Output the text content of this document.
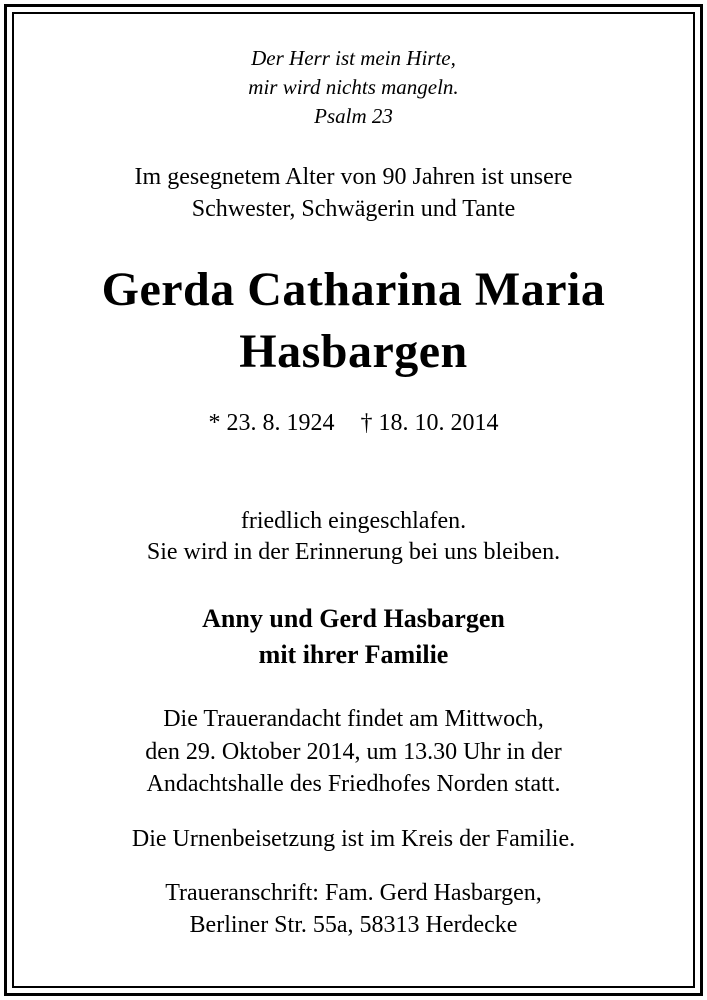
Der Herr ist mein Hirte,
mir wird nichts mangeln.
Psalm 23
Im gesegnetem Alter von 90 Jahren ist unsere
Schwester, Schwägerin und Tante
Gerda Catharina Maria
Hasbargen
* 23. 8. 1924 † 18. 10. 2014
friedlich eingeschlafen.
Sie wird in der Erinnerung bei uns bleiben.
Anny und Gerd Hasbargen
mit ihrer Familie
Die Trauerandacht findet am Mittwoch,
den 29. Oktober 2014, um 13.30 Uhr in der
Andachtshalle des Friedhofes Norden statt.
Die Urnenbeisetzung ist im Kreis der Familie.
Traueranschrift: Fam. Gerd Hasbargen,
Berliner Str. 55a, 58313 Herdecke
